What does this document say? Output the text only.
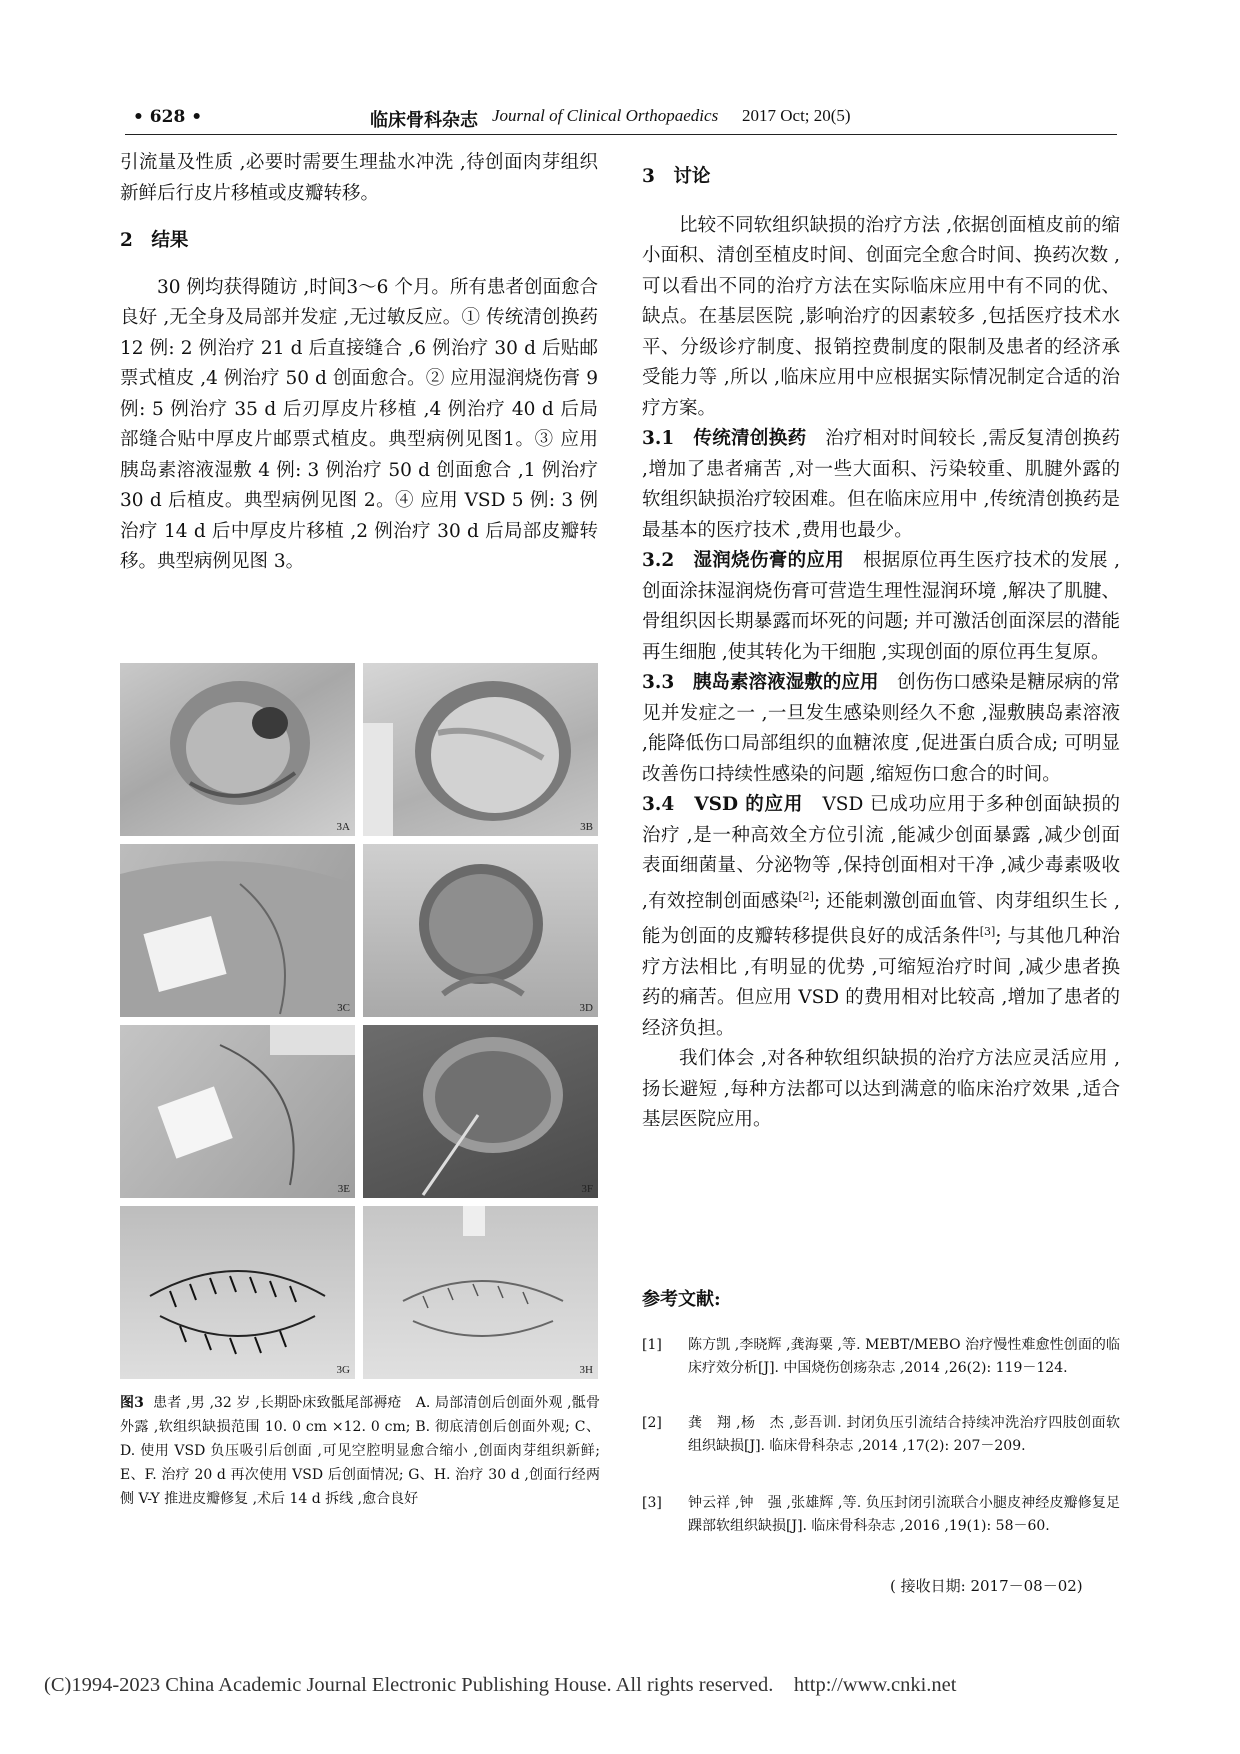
• 628 •	临床骨科杂志 Journal of Clinical Orthopaedics 2017 Oct; 20(5)

引流量及性质 ,必要时需要生理盐水冲洗 ,待创面肉芽组织新鲜后行皮片移植或皮瓣转移。

2　结果

30 例均获得随访 ,时间3～6 个月。所有患者创面愈合良好 ,无全身及局部并发症 ,无过敏反应。① 传统清创换药 12 例: 2 例治疗 21 d 后直接缝合 ,6 例治疗 30 d 后贴邮票式植皮 ,4 例治疗 50 d 创面愈合。② 应用湿润烧伤膏 9 例: 5 例治疗 35 d 后刃厚皮片移植 ,4 例治疗 40 d 后局部缝合贴中厚皮片邮票式植皮。典型病例见图1。③ 应用胰岛素溶液湿敷 4 例: 3 例治疗 50 d 创面愈合 ,1 例治疗 30 d 后植皮。典型病例见图 2。④ 应用 VSD 5 例: 3 例治疗 14 d 后中厚皮片移植 ,2 例治疗 30 d 后局部皮瓣转移。典型病例见图 3。

3A	3B
3C	3D
3E	3F
3G	3H
图3 患者 ,男 ,32 岁 ,长期卧床致骶尾部褥疮　A. 局部清创后创面外观 ,骶骨外露 ,软组织缺损范围 10. 0 cm ×12. 0 cm; B. 彻底清创后创面外观; C、D. 使用 VSD 负压吸引后创面 ,可见空腔明显愈合缩小 ,创面肉芽组织新鲜; E、F. 治疗 20 d 再次使用 VSD 后创面情况; G、H. 治疗 30 d ,创面行经两侧 V-Y 推进皮瓣修复 ,术后 14 d 拆线 ,愈合良好

3　讨论

比较不同软组织缺损的治疗方法 ,依据创面植皮前的缩小面积、清创至植皮时间、创面完全愈合时间、换药次数 ,可以看出不同的治疗方法在实际临床应用中有不同的优、缺点。在基层医院 ,影响治疗的因素较多 ,包括医疗技术水平、分级诊疗制度、报销控费制度的限制及患者的经济承受能力等 ,所以 ,临床应用中应根据实际情况制定合适的治疗方案。

3.1　传统清创换药　 治疗相对时间较长 ,需反复清创换药 ,增加了患者痛苦 ,对一些大面积、污染较重、肌腱外露的软组织缺损治疗较困难。但在临床应用中 ,传统清创换药是最基本的医疗技术 ,费用也最少。

3.2　湿润烧伤膏的应用　 根据原位再生医疗技术的发展 ,创面涂抹湿润烧伤膏可营造生理性湿润环境 ,解决了肌腱、骨组织因长期暴露而坏死的问题; 并可激活创面深层的潜能再生细胞 ,使其转化为干细胞 ,实现创面的原位再生复原。

3.3　胰岛素溶液湿敷的应用　 创伤伤口感染是糖尿病的常见并发症之一 ,一旦发生感染则经久不愈 ,湿敷胰岛素溶液 ,能降低伤口局部组织的血糖浓度 ,促进蛋白质合成; 可明显改善伤口持续性感染的问题 ,缩短伤口愈合的时间。

3.4　VSD 的应用　 VSD 已成功应用于多种创面缺损的治疗 ,是一种高效全方位引流 ,能减少创面暴露 ,减少创面表面细菌量、分泌物等 ,保持创面相对干净 ,减少毒素吸收 ,有效控制创面感染[2]; 还能刺激创面血管、肉芽组织生长 ,能为创面的皮瓣转移提供良好的成活条件[3]; 与其他几种治疗方法相比 ,有明显的优势 ,可缩短治疗时间 ,减少患者换药的痛苦。但应用 VSD 的费用相对比较高 ,增加了患者的经济负担。

我们体会 ,对各种软组织缺损的治疗方法应灵活应用 ,扬长避短 ,每种方法都可以达到满意的临床治疗效果 ,适合基层医院应用。

参考文献:
[1] 陈方凯 ,李晓辉 ,龚海粟 ,等. MEBT/MEBO 治疗慢性难愈性创面的临床疗效分析[J]. 中国烧伤创疡杂志 ,2014 ,26(2): 119－124.
[2] 龚　翔 ,杨　杰 ,彭吾训. 封闭负压引流结合持续冲洗治疗四肢创面软组织缺损[J]. 临床骨科杂志 ,2014 ,17(2): 207－209.
[3] 钟云祥 ,钟　强 ,张雄辉 ,等. 负压封闭引流联合小腿皮神经皮瓣修复足踝部软组织缺损[J]. 临床骨科杂志 ,2016 ,19(1): 58－60.
( 接收日期: 2017－08－02)
(C)1994-2023 China Academic Journal Electronic Publishing House. All rights reserved.　http://www.cnki.net
